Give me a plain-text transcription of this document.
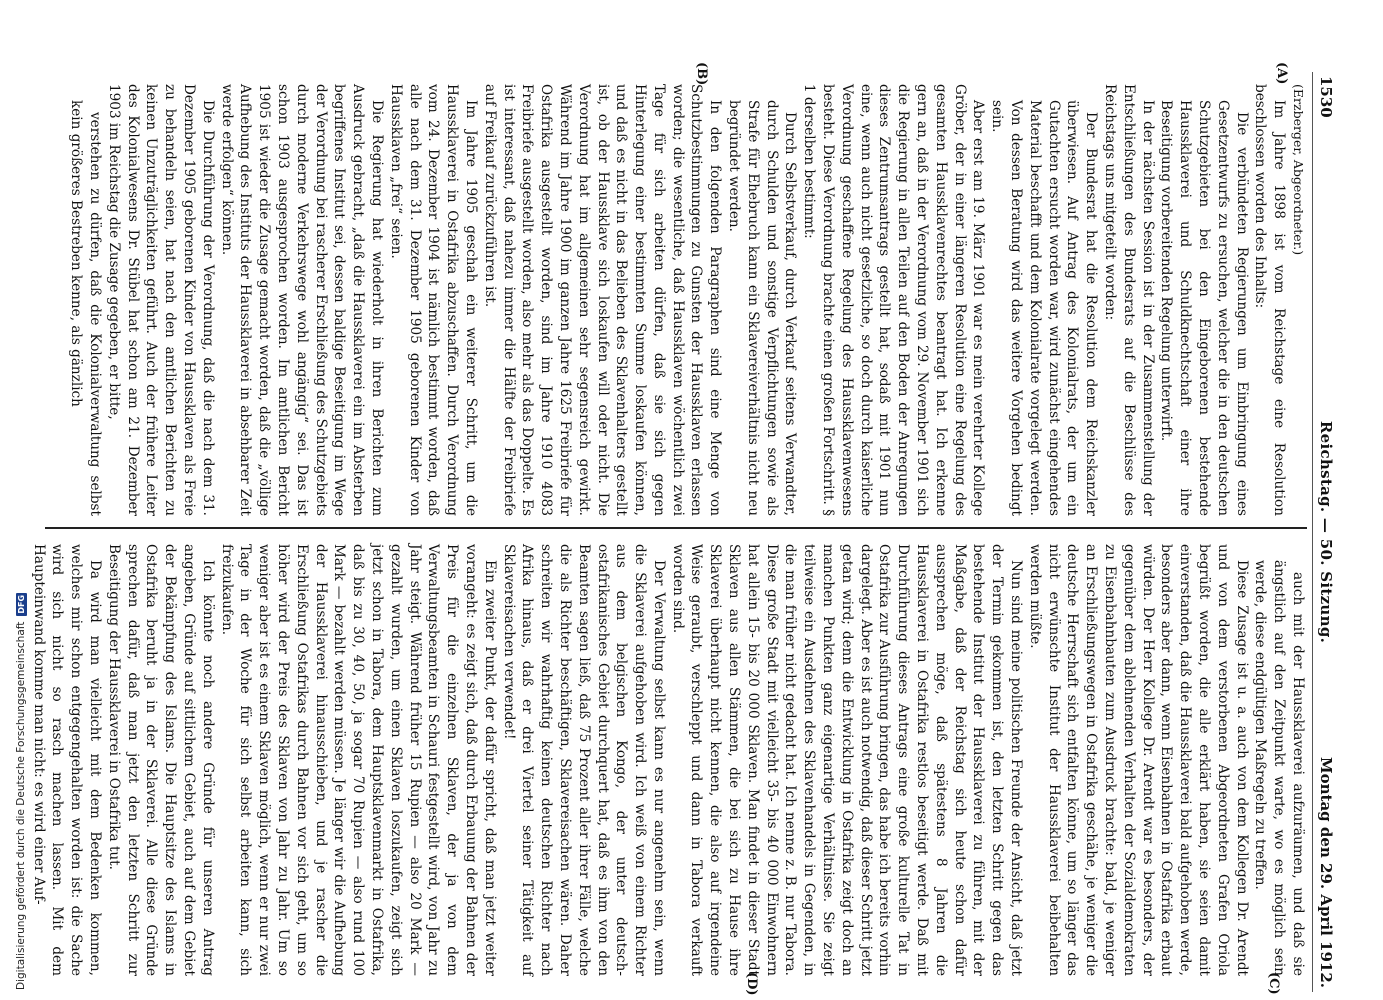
1530
Reichstag. — 50. Sitzung.
Montag den 29. April 1912.
(A)
(B)
(C)
(D)

(Erzberger, Abgeordneter.)

Im Jahre 1898 ist vom Reichstage eine Resolution beschlossen worden des Inhalts:

Die verbündeten Regierungen um Einbringung eines Gesetzentwurfs zu ersuchen, welcher die in den deutschen Schutzgebieten bei den Eingeborenen bestehende Haussklaverei und Schuldknechtschaft einer ihre Beseitigung vorbereitenden Regelung unterwirft.

In der nächsten Session ist in der Zusammenstellung der Entschließungen des Bundesrats auf die Beschlüsse des Reichstags uns mitgeteilt worden:

Der Bundesrat hat die Resolution dem Reichskanzler überwiesen. Auf Antrag des Kolonialrats, der um ein Gutachten ersucht worden war, wird zunächst eingehendes Material beschafft und dem Kolonialrate vorgelegt werden. Von dessen Beratung wird das weitere Vorgehen bedingt sein.

Aber erst am 19. März 1901 war es mein verehrter Kollege Gröber, der in einer längeren Resolution eine Regelung des gesamten Haussklavenrechtes beantragt hat. Ich erkenne gern an, daß in der Verordnung vom 29. November 1901 sich die Regierung in allen Teilen auf den Boden der Anregungen dieses Zentrumsantrags gestellt hat, sodaß mit 1901 nun eine, wenn auch nicht gesetzliche, so doch durch kaiserliche Verordnung geschaffene Regelung des Haussklavenwesens besteht. Diese Verordnung brachte einen großen Fortschritt. § 1 derselben bestimmt:

Durch Selbstverkauf, durch Verkauf seitens Verwandter, durch Schulden und sonstige Verpflichtungen sowie als Strafe für Ehebruch kann ein Sklavereiverhältnis nicht neu begründet werden.

In den folgenden Paragraphen sind eine Menge von Schutzbestimmungen zu Gunsten der Haussklaven erlassen worden; die wesentliche, daß Haussklaven wöchentlich zwei Tage für sich arbeiten dürfen, daß sie sich gegen Hinterlegung einer bestimmten Summe loskaufen können, und daß es nicht in das Belieben des Sklavenhalters gestellt ist, ob der Haussklave sich loskaufen will oder nicht. Die Verordnung hat im allgemeinen sehr segensreich gewirkt. Während im Jahre 1900 im ganzen Jahre 1625 Freibriefe für Ostafrika ausgestellt worden, sind im Jahre 1910 4083 Freibriefe ausgestellt worden, also mehr als das Doppelte. Es ist interessant, daß nahezu immer die Hälfte der Freibriefe auf Freikauf zurückzuführen ist.

Im Jahre 1905 geschah ein weiterer Schritt, um die Haussklaverei in Ostafrika abzuschaffen. Durch Verordnung vom 24. Dezember 1904 ist nämlich bestimmt worden, daß alle nach dem 31. Dezember 1905 geborenen Kinder von Haussklaven „frei“ seien.

Die Regierung hat wiederholt in ihren Berichten zum Ausdruck gebracht, „daß die Haussklaverei ein im Absterben begriffenes Institut sei, dessen baldige Beseitigung im Wege der Verordnung bei rascherer Erschließung des Schutzgebiets durch moderne Verkehrswege wohl angängig“ sei. Das ist schon 1903 ausgesprochen worden. Im amtlichen Bericht 1905 ist wieder die Zusage gemacht worden, daß die „völlige Aufhebung des Instituts der Haussklaverei in absehbarer Zeit werde erfolgen“ können.

Die Durchführung der Verordnung, daß die nach dem 31. Dezember 1905 geborenen Kinder von Haussklaven als Freie zu behandeln seien, hat nach den amtlichen Berichten zu keinen Unzuträglichkeiten geführt. Auch der frühere Leiter des Kolonialwesens Dr. Stübel hat schon am 21. Dezember 1903 im Reichstag die Zusage gegeben, er bitte,

verstehen zu dürfen, daß die Kolonialverwaltung selbst kein größeres Bestreben kenne, als gänzlich

auch mit der Haussklaverei aufzuräumen, und daß sie ängstlich auf den Zeitpunkt warte, wo es möglich sein werde, diese endgültigen Maßregeln zu treffen.

Diese Zusage ist u. a. auch von dem Kollegen Dr. Arendt und von dem verstorbenen Abgeordneten Grafen Oriola begrüßt worden, die alle erklärt haben, sie seien damit einverstanden, daß die Haussklaverei bald aufgehoben werde, besonders aber dann, wenn Eisenbahnen in Ostafrika erbaut würden. Der Herr Kollege Dr. Arendt war es besonders, der gegenüber dem ablehnenden Verhalten der Sozialdemokraten zu Eisenbahnbauten zum Ausdruck brachte: bald, je weniger an Erschließungswegen in Ostafrika geschähe, je weniger die deutsche Herrschaft sich entfalten könne, um so länger das nicht erwünschte Institut der Haussklaverei beibehalten werden müßte.

Nun sind meine politischen Freunde der Ansicht, daß jetzt der Termin gekommen ist, den letzten Schritt gegen das bestehende Institut der Haussklaverei zu führen, mit der Maßgabe, daß der Reichstag sich heute schon dafür aussprechen möge, daß spätestens 8 Jahren die Haussklaverei in Ostafrika restlos beseitigt werde. Daß mit Durchführung dieses Antrags eine große kulturelle Tat in Ostafrika zur Ausführung bringen, das habe ich bereits vorhin dargelegt. Aber es ist auch notwendig, daß dieser Schritt jetzt getan wird; denn die Entwicklung in Ostafrika zeigt doch an manchen Punkten ganz eigenartige Verhältnisse. Sie zeigt teilweise ein Ausdehnen des Sklavenhandels in Gegenden, in die man früher nicht gedacht hat. Ich nenne z. B. nur Tabora. Diese große Stadt mit vielleicht 35- bis 40 000 Einwohnern hat allein 15- bis 20 000 Sklaven. Man findet in dieser Stadt Sklaven aus allen Stämmen, die bei sich zu Hause ihre Sklaverei überhaupt nicht kennen, die also auf irgendeine Weise geraubt, verschleppt und dann in Tabora verkauft worden sind.

Der Verwaltung selbst kann es nur angenehm sein, wenn die Sklaverei aufgehoben wird. Ich weiß von einem Richter aus dem belgischen Kongo, der unter deutsch-ostafrikanisches Gebiet durchquert hat, daß es ihm von den Beamten sagen ließ, daß 75 Prozent aller ihrer Fälle, welche die als Richter beschäftigen, Sklavereisachen wären. Daher schreiten wir wahrhaftig keinen deutschen Richter nach Afrika hinaus, daß er drei Viertel seiner Tätigkeit auf Sklavereisachen verwendet!

Ein zweiter Punkt, der dafür spricht, daß man jetzt weiter vorangeht: es zeigt sich, daß durch Erbauung der Bahnen der Preis für die einzelnen Sklaven, der ja von dem Verwaltungsbeamten in Schauri festgestellt wird, von Jahr zu Jahr steigt. Während früher 15 Rupien — also 20 Mark — gezahlt wurden, um einen Sklaven loszukaufen, zeigt sich jetzt schon in Tabora, dem Hauptsklavenmarkt in Ostafrika, daß bis zu 30, 40, 50, ja sogar 70 Rupien — also rund 100 Mark — bezahlt werden müssen. Je länger wir die Aufhebung der Haussklaverei hinausschieben, und je rascher die Erschließung Ostafrikas durch Bahnen vor sich geht, um so höher wird der Preis des Sklaven von Jahr zu Jahr. Um so weniger aber ist es einem Sklaven möglich, wenn er nur zwei Tage in der Woche für sich selbst arbeiten kann, sich freizukaufen.

Ich könnte noch andere Gründe für unseren Antrag angeben, Gründe auf sittlichem Gebiet, auch auf dem Gebiet der Bekämpfung des Islams. Die Hauptsitze des Islams in Ostafrika beruht ja in der Sklaverei. Alle diese Gründe sprechen dafür, daß man jetzt den letzten Schritt zur Beseitigung der Haussklaverei in Ostafrika tut.

Da wird man vielleicht mit dem Bedenken kommen, welches mir schon entgegengehalten worden ist: die Sache wird sich nicht so rasch machen lassen. Mit dem Haupteinwand komme man nicht: es wird einer Auf-

Digitalisierung gefördert durch die Deutsche Forschungsgemeinschaft
DFG
